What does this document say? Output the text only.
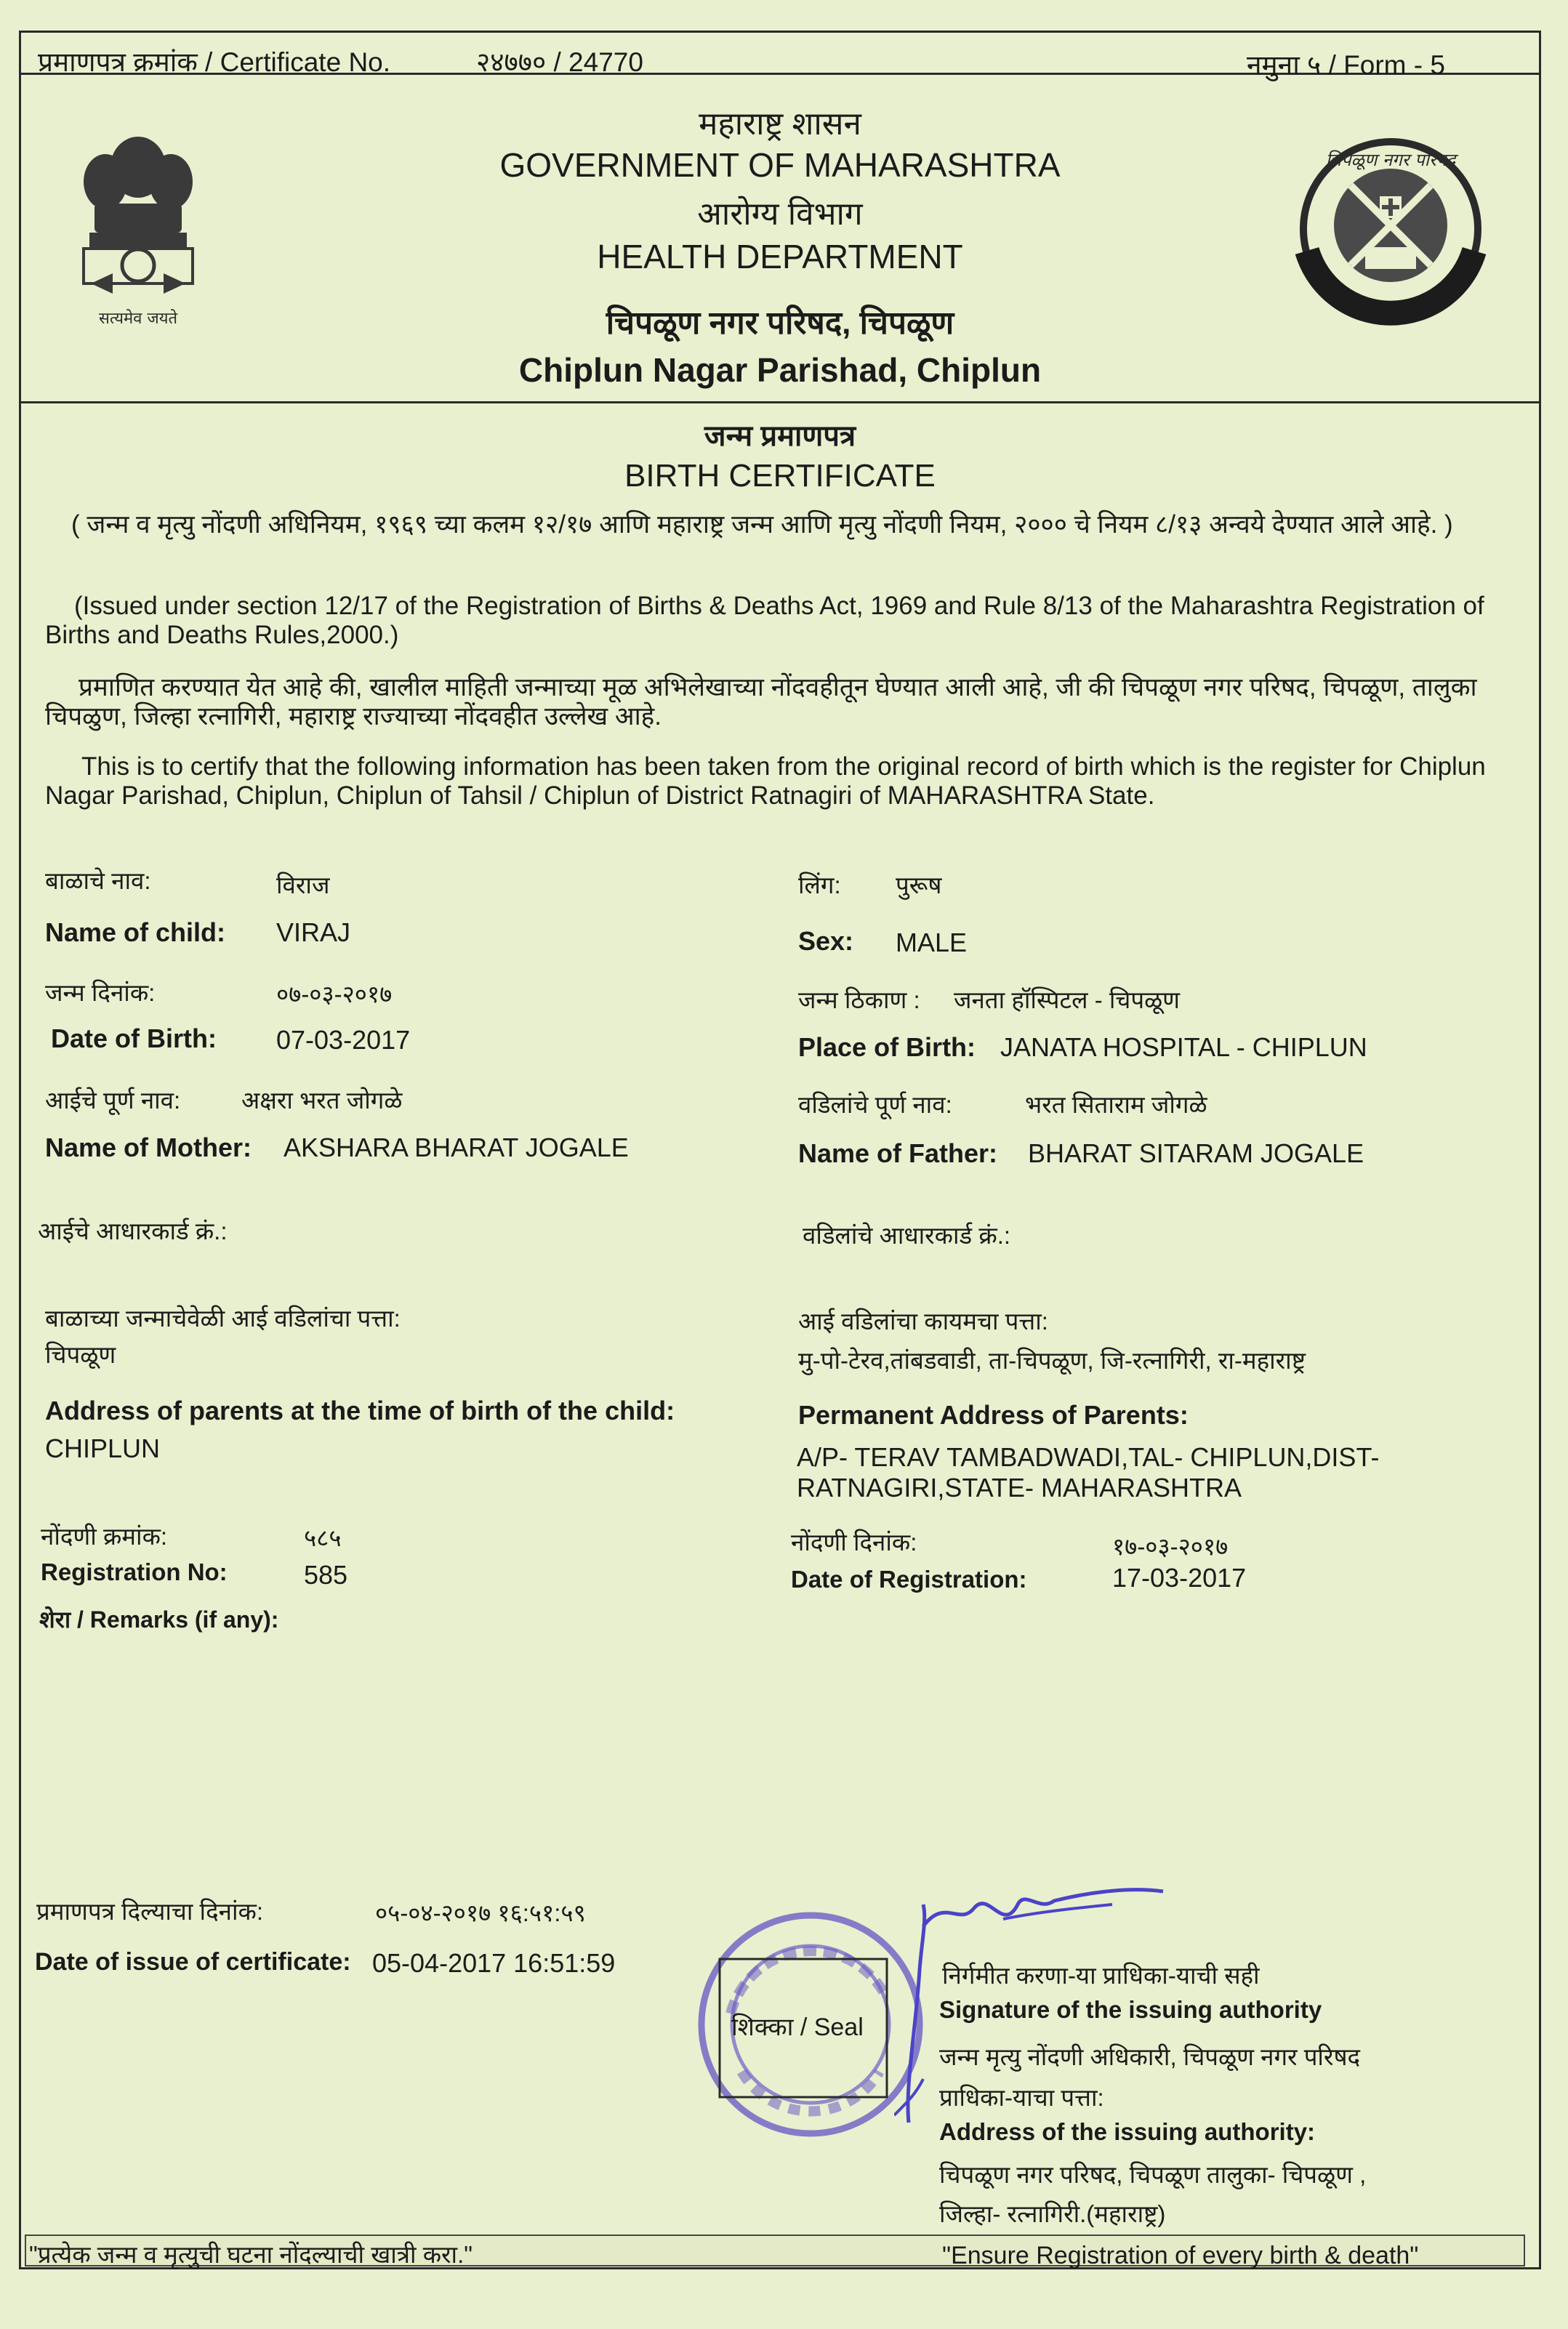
प्रमाणपत्र क्रमांक / Certificate No.	२४७७० / 24770	नमुना ५ / Form - 5
सत्यमेव जयते
चिपळूण नगर परिषद
महाराष्ट्र शासन
GOVERNMENT OF MAHARASHTRA
आरोग्य विभाग
HEALTH DEPARTMENT
चिपळूण नगर परिषद, चिपळूण
Chiplun Nagar Parishad, Chiplun
जन्म प्रमाणपत्र
BIRTH CERTIFICATE
( जन्म व मृत्यु नोंदणी अधिनियम, १९६९ च्या कलम १२/१७ आणि महाराष्ट्र जन्म आणि मृत्यु नोंदणी नियम, २००० चे नियम ८/१३ अन्वये देण्यात आले आहे. )
(Issued under section 12/17 of the Registration of Births & Deaths Act, 1969 and Rule 8/13 of the Maharashtra Registration of Births and Deaths Rules,2000.)
प्रमाणित करण्यात येत आहे की, खालील माहिती जन्माच्या मूळ अभिलेखाच्या नोंदवहीतून घेण्यात आली आहे, जी की चिपळूण नगर परिषद, चिपळूण, तालुका चिपळुण, जिल्हा रत्नागिरी, महाराष्ट्र राज्याच्या नोंदवहीत उल्लेख आहे.
This is to certify that the following information has been taken from the original record of birth which is the register for Chiplun Nagar Parishad, Chiplun, Chiplun of Tahsil / Chiplun of District Ratnagiri of MAHARASHTRA State.
बाळाचे नाव:	विराज
Name of child: VIRAJ
लिंग: पुरूष
Sex: MALE
जन्म दिनांक:	०७-०३-२०१७
Date of Birth: 07-03-2017
जन्म ठिकाण : जनता हॉस्पिटल - चिपळूण
Place of Birth: JANATA HOSPITAL - CHIPLUN
आईचे पूर्ण नाव:	अक्षरा भरत जोगळे
Name of Mother: AKSHARA BHARAT JOGALE
वडिलांचे पूर्ण नाव:	भरत सिताराम जोगळे
Name of Father: BHARAT SITARAM JOGALE
आईचे आधारकार्ड क्रं.:	वडिलांचे आधारकार्ड क्रं.:
बाळाच्या जन्माचेवेळी आई वडिलांचा पत्ता:
चिपळूण
Address of parents at the time of birth of the child:
CHIPLUN
आई वडिलांचा कायमचा पत्ता:
मु-पो-टेरव,तांबडवाडी, ता-चिपळूण, जि-रत्नागिरी, रा-महाराष्ट्र
Permanent Address of Parents:
A/P- TERAV TAMBADWADI,TAL- CHIPLUN,DIST-
RATNAGIRI,STATE- MAHARASHTRA
नोंदणी क्रमांक:	५८५
Registration No:	585
नोंदणी दिनांक:	१७-०३-२०१७
Date of Registration:	17-03-2017
शेरा / Remarks (if any):
प्रमाणपत्र दिल्याचा दिनांक:	०५-०४-२०१७ १६:५१:५९
Date of issue of certificate: 05-04-2017 16:51:59
शिक्का / Seal
निर्गमीत करणा-या प्राधिका-याची सही
Signature of the issuing authority
जन्म मृत्यु नोंदणी अधिकारी, चिपळूण नगर परिषद
प्राधिका-याचा पत्ता:
Address of the issuing authority:
चिपळूण नगर परिषद, चिपळूण तालुका- चिपळूण ,
जिल्हा- रत्नागिरी.(महाराष्ट्र)
"प्रत्येक जन्म व मृत्युची घटना नोंदल्याची खात्री करा."	"Ensure Registration of every birth & death"
